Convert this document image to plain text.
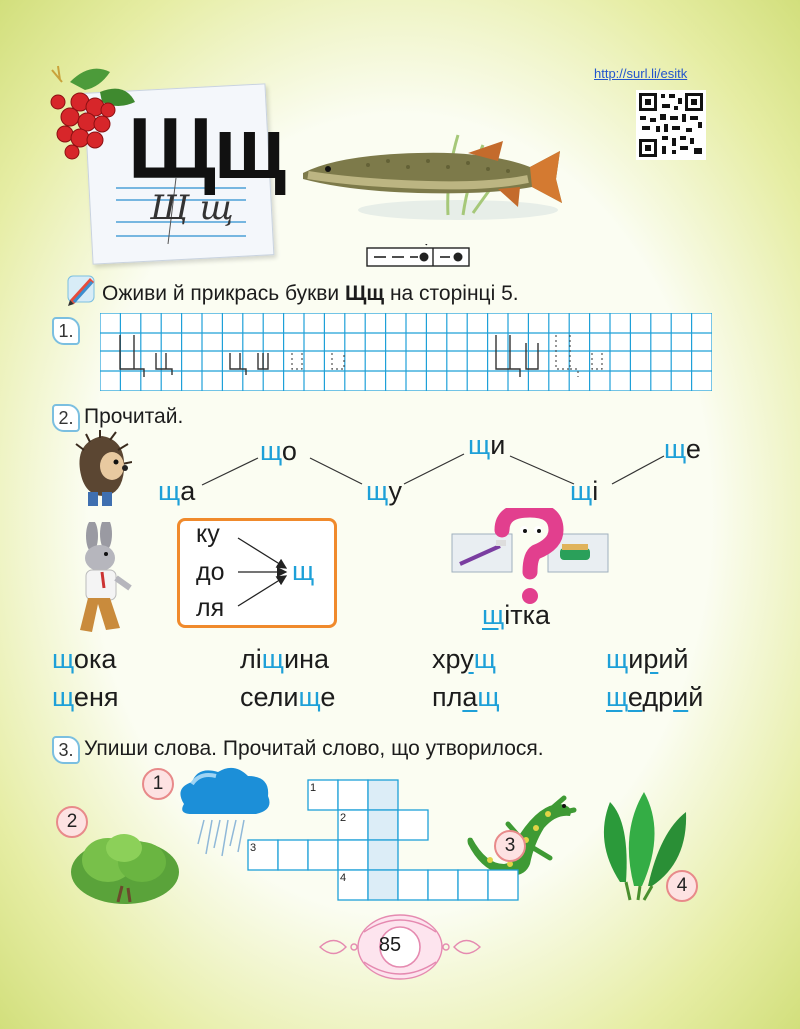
http://surl.li/esitk
Щщ
Щ щ
Оживи й прикрась букви Щщ на сторінці 5.
1.
2. Прочитай.
що
ща	щу
щи
щі
ще
ку
до
ля
щ
щітка
щока	ліщина	хрущ	щирий
щеня	селище	плащ	щедрий
3. Упиши слова. Прочитай слово, що утворилося.
1
2
3
4
1
2
3
4
85
